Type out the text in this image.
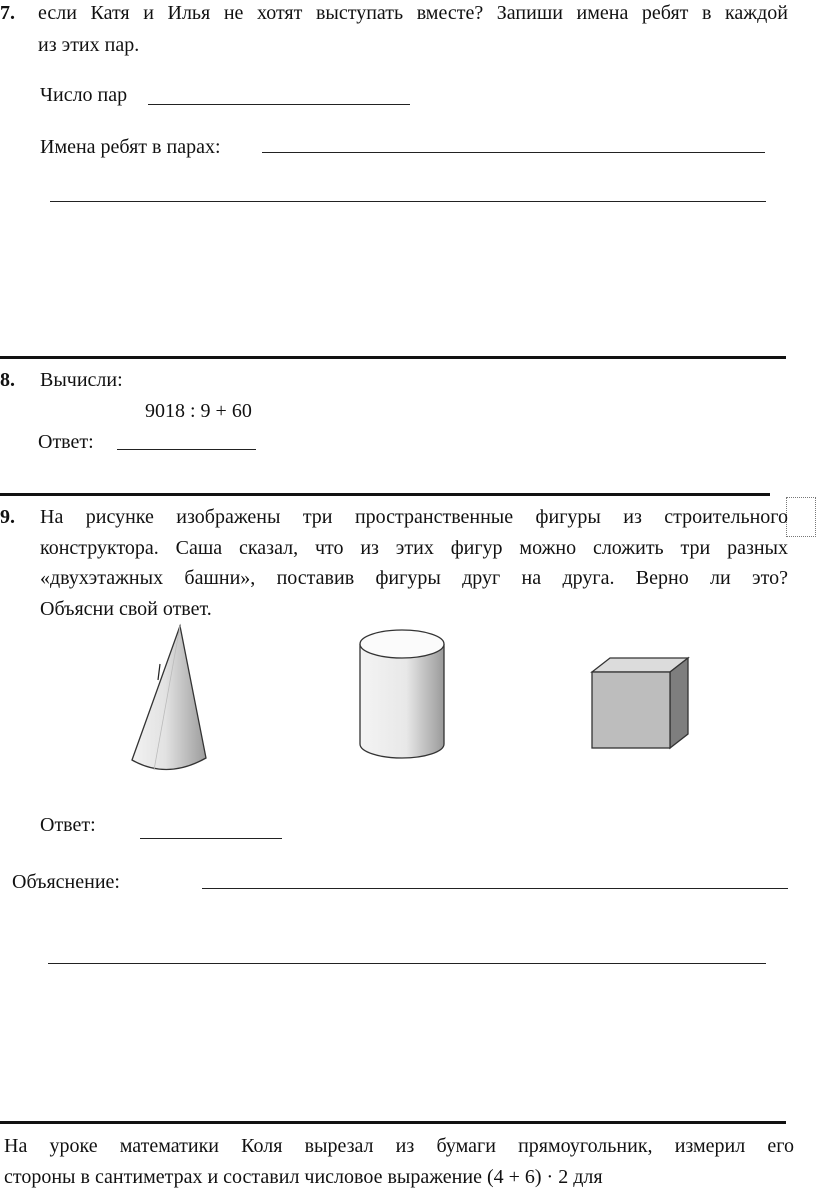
7. если Катя и Илья не хотят выступать вместе? Запиши имена ребят в каждой
из этих пар.
Число пар
Имена ребят в парах:
8. Вычисли:
9018 : 9 + 60
Ответ:
9. На рисунке изображены три пространственные фигуры из строительного
конструктора. Саша сказал, что из этих фигур можно сложить три разных
«двухэтажных башни», поставив фигуры друг на друга. Верно ли это?
Объясни свой ответ.
Ответ:
Объяснение:
На уроке математики Коля вырезал из бумаги прямоугольник, измерил его
стороны в сантиметрах и составил числовое выражение (4 + 6) · 2 для
